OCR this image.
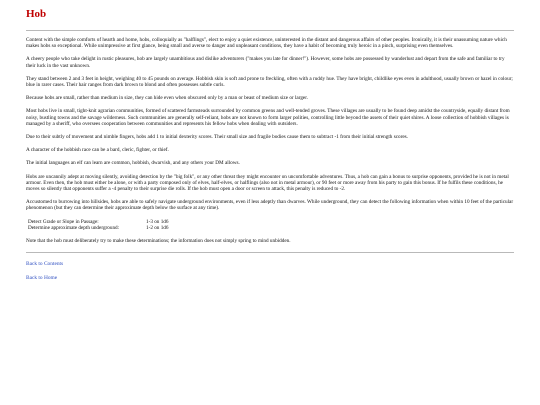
Hob

Content with the simple comforts of hearth and home, hobs, colloquially as "halflings", elect to enjoy a quiet existence, uninterested in the distant and dangerous affairs of other peoples. Ironically, it is their unassuming nature which makes hobs so exceptional. While unimpressive at first glance, being small and averse to danger and unpleasant conditions, they have a habit of becoming truly heroic in a pinch, surprising even themselves.

A cheery people who take delight in rustic pleasures, hob are largely unambitious and dislike adventurers ("makes you late for dinner!"). However, some hobs are possessed by wanderlust and depart from the safe and familiar to try their luck in the vast unknown.

They stand between 2 and 3 feet in height, weighing 40 to 45 pounds on average. Hobbish skin is soft and prone to freckling, often with a ruddy hue. They have bright, childlike eyes even in adulthood, usually brown or hazel in colour; blue in rarer cases. Their hair ranges from dark brown to blond and often possesses subtle curls.

Because hobs are small, rather than medium in size, they can hide even when obscured only by a man or beast of medium size or larger.

Most hobs live in small, tight-knit agrarian communities, formed of scattered farmsteads surrounded by common greens and well-tended groves. These villages are usually to be found deep amidst the countryside, equally distant from noisy, bustling towns and the savage wilderness. Such communities are generally self-reliant, hobs are not known to form larger polities, controlling little beyond the assets of their quiet shires. A loose collection of hobbish villages is managed by a sheriff, who oversees cooperation between communities and represents his fellow hobs when dealing with outsiders.

Due to their subtly of movement and nimble fingers, hobs add 1 to initial dexterity scores. Their small size and fragile bodies cause them to subtract -1 from their initial strength scores.

A character of the hobbish race can be a bard, cleric, fighter, or thief.

The initial languages an elf can learn are common, hobbish, dwarvish, and any others your DM allows.

Hobs are uncannily adept at moving silently, avoiding detection by the "big folk", or any other threat they might encounter on uncomfortable adventures. Thus, a hob can gain a bonus to surprise opponents, provided he is not in metal armour. Even then, the hob must either be alone, or with a party composed only of elves, half-elves, or halflings (also not in metal armour), or 90 feet or more away from his party to gain this bonus. If he fulfils these conditions, he moves so silently that opponents suffer a -4 penalty to their surprise die rolls. If the hob must open a door or screen to attack, this penalty is reduced to -2.

Accustomed to burrowing into hillsides, hobs are able to safely navigate underground environments, even if less adeptly than dwarves. While underground, they can detect the following information when within 10 feet of the particular phenomenon (but they can determine their approximate depth below the surface at any time).

Detect Grade or Slope in Passage:	1-3 on 1d6
Determine approximate depth underground:	1-2 on 1d6

Note that the hob must deliberately try to make these determinations; the information does not simply spring to mind unbidden.

Back to Contents
Back to Home
